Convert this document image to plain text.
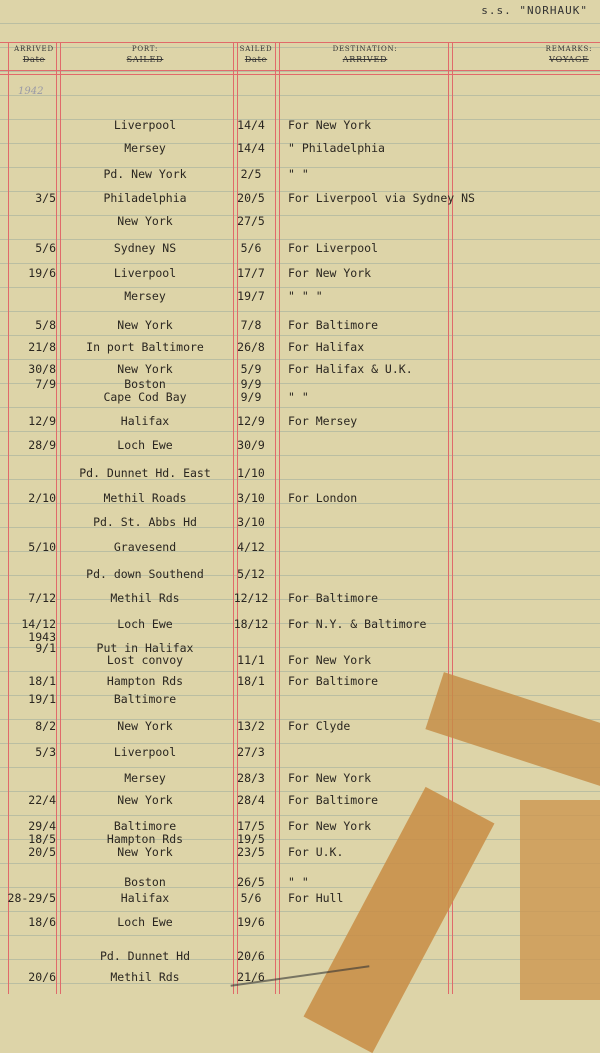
s.s. "NORHAUK"
ARRIVED
Date
PORT:
SAILED
SAILED
Date
DESTINATION:
ARRIVED
REMARKS:
VOYAGE
1942
Liverpool	14/4	For New York
Mersey	14/4	" Philadelphia
Pd. New York	2/5	" "
3/5	Philadelphia	20/5	For Liverpool via Sydney NS
New York	27/5
5/6	Sydney NS	5/6	For Liverpool
19/6	Liverpool	17/7	For New York
Mersey	19/7	" " "
5/8	New York	7/8	For Baltimore
21/8	In port Baltimore	26/8	For Halifax
30/8	New York	5/9	For Halifax & U.K.
7/9	Boston	9/9
Cape Cod Bay	9/9	" "
12/9	Halifax	12/9	For Mersey
28/9	Loch Ewe	30/9
Pd. Dunnet Hd. East	1/10
2/10	Methil Roads	3/10	For London
Pd. St. Abbs Hd	3/10
5/10	Gravesend	4/12
Pd. down Southend	5/12
7/12	Methil Rds	12/12	For Baltimore
14/12	Loch Ewe	18/12	For N.Y. & Baltimore
1943
9/1	Put in Halifax
Lost convoy	11/1	For New York
18/1	Hampton Rds	18/1	For Baltimore
19/1	Baltimore
8/2	New York	13/2	For Clyde
5/3	Liverpool	27/3
Mersey	28/3	For New York
22/4	New York	28/4	For Baltimore
29/4	Baltimore	17/5	For New York
18/5	Hampton Rds	19/5
20/5	New York	23/5	For U.K.
Boston	26/5	" "
28-29/5	Halifax	5/6	For Hull
18/6	Loch Ewe	19/6
Pd. Dunnet Hd	20/6
20/6	Methil Rds	21/6
